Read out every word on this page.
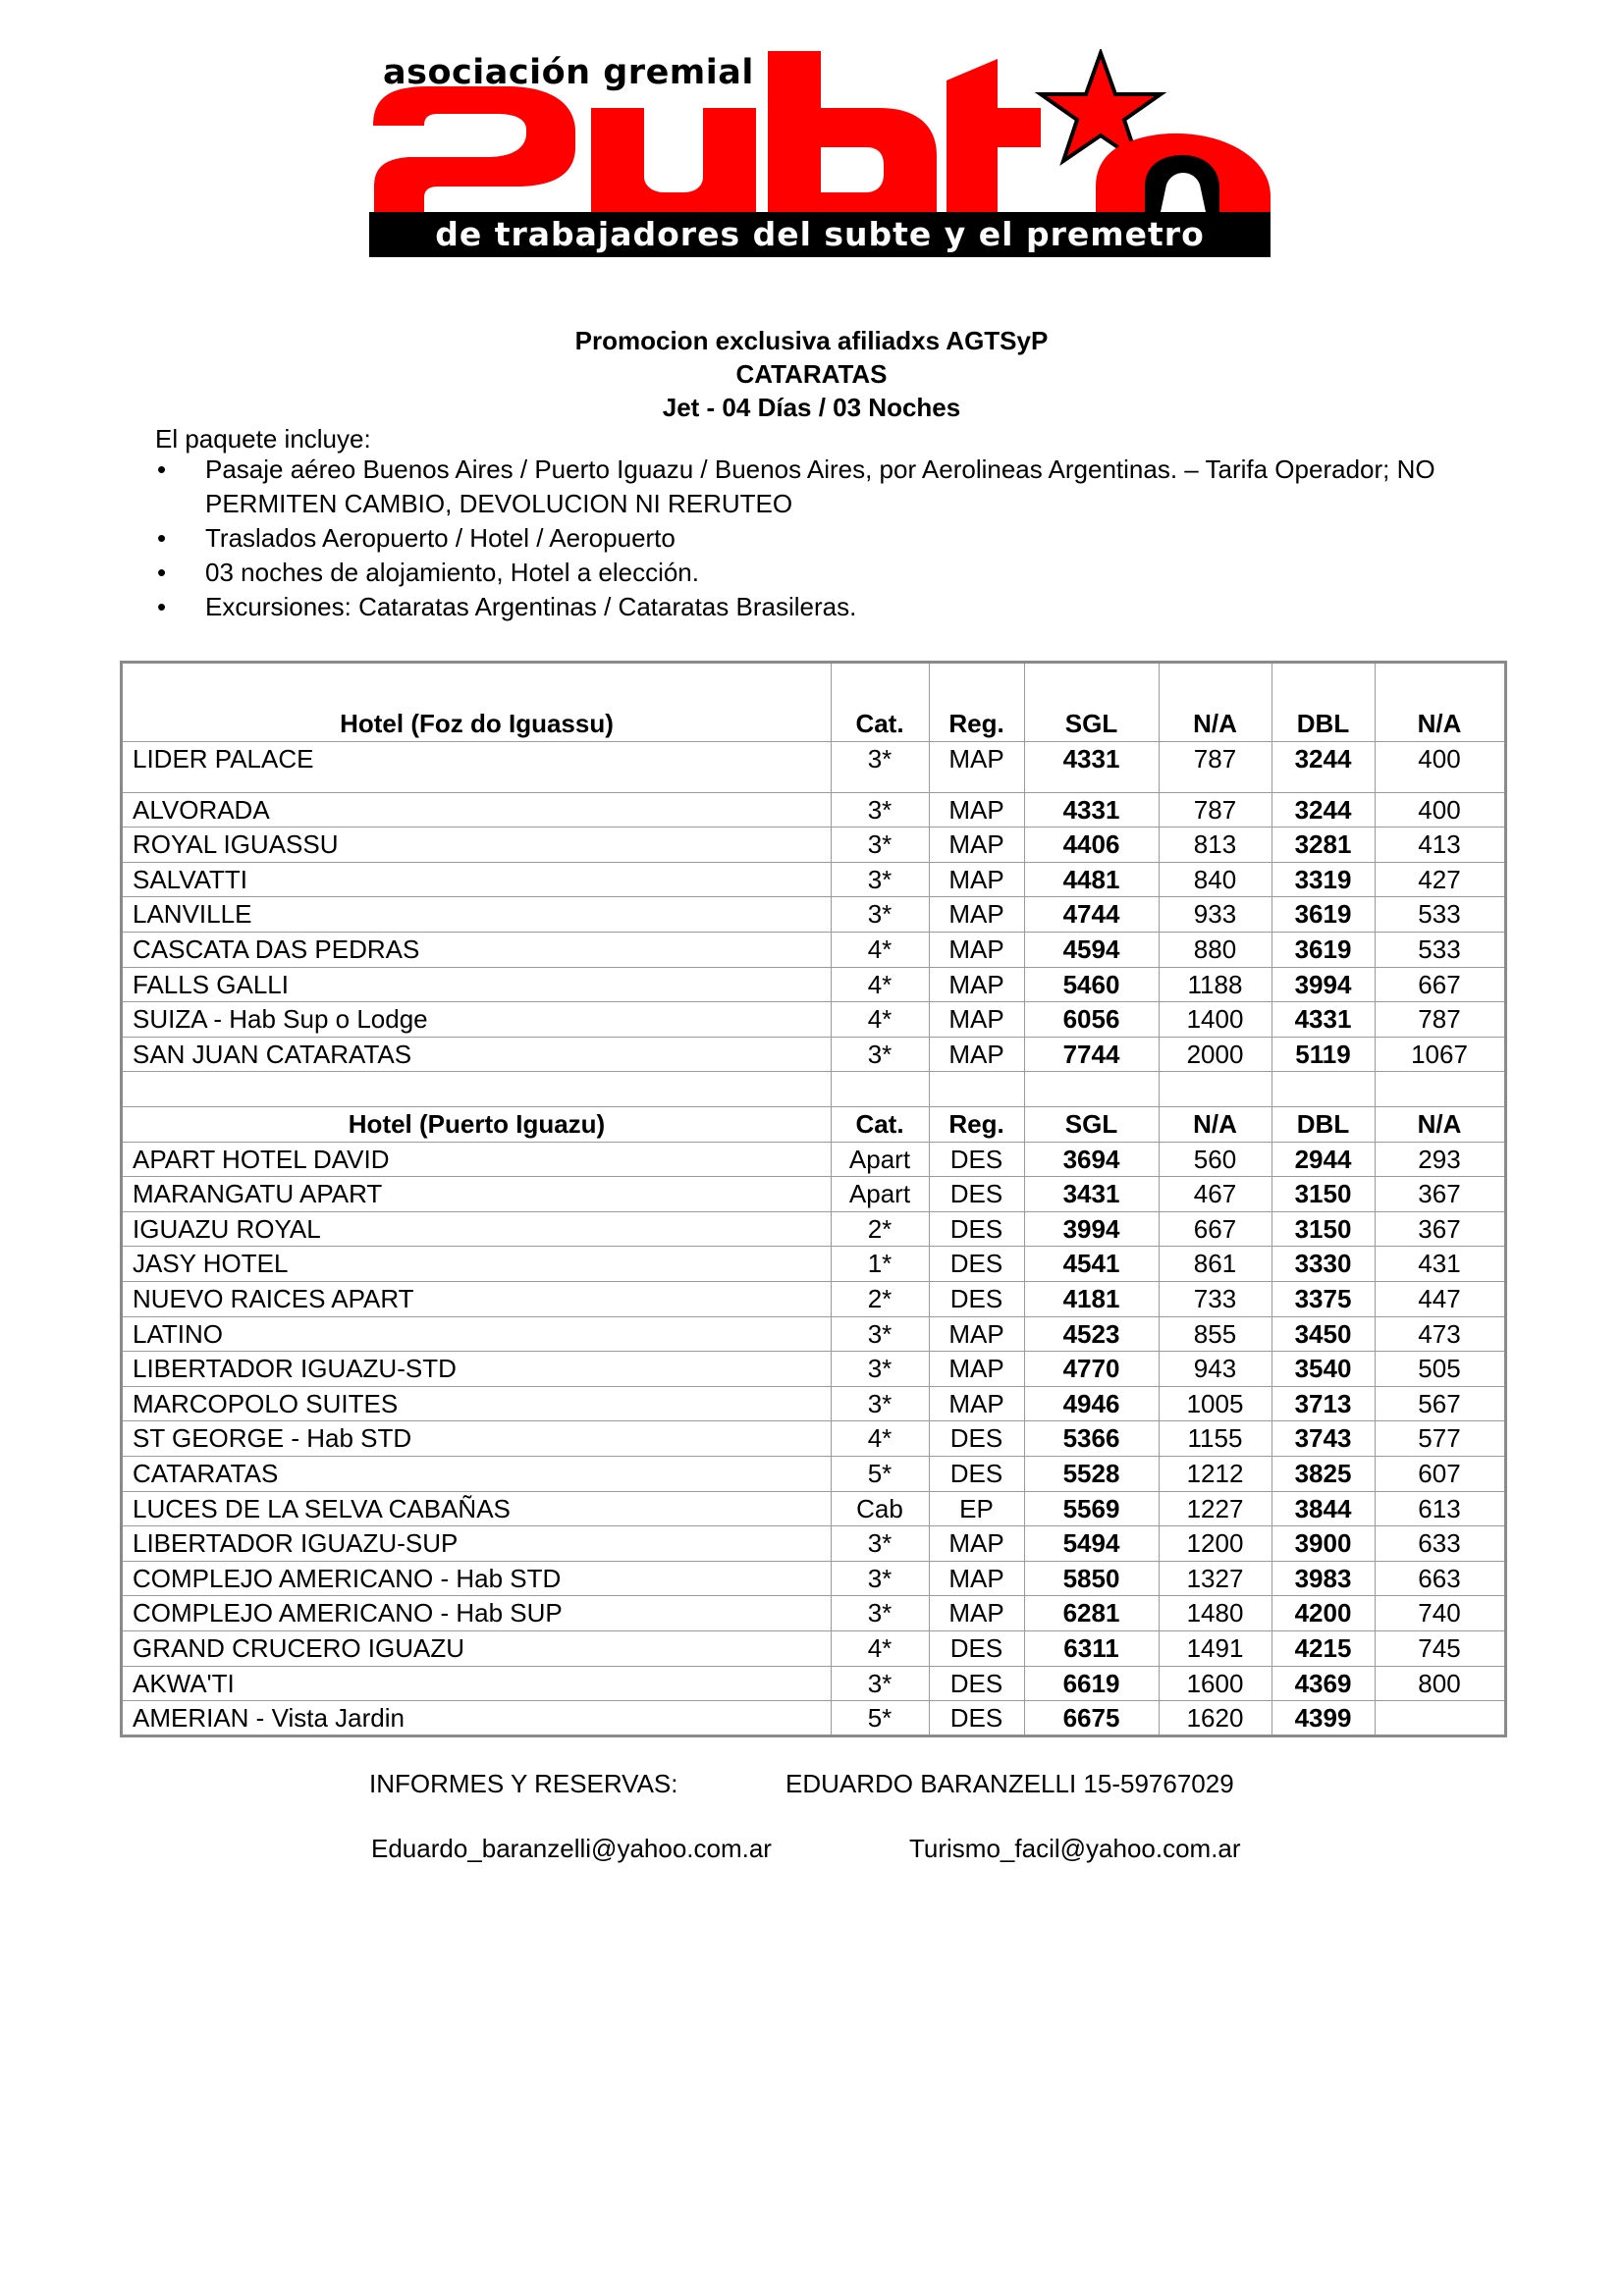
asociación gremial
de trabajadores del subte y el premetro
Promocion exclusiva afiliadxs AGTSyP
CATARATAS
Jet - 04 Días / 03 Noches
El paquete incluye:
• Pasaje aéreo Buenos Aires / Puerto Iguazu / Buenos Aires, por Aerolineas Argentinas. – Tarifa Operador; NO PERMITEN CAMBIO, DEVOLUCION NI RERUTEO
• Traslados Aeropuerto / Hotel / Aeropuerto
• 03 noches de alojamiento, Hotel a elección.
• Excursiones: Cataratas Argentinas / Cataratas Brasileras.
Hotel (Foz do Iguassu)	Cat.	Reg.	SGL	N/A	DBL	N/A
LIDER PALACE	3*	MAP	4331	787	3244	400
ALVORADA	3*	MAP	4331	787	3244	400
ROYAL IGUASSU	3*	MAP	4406	813	3281	413
SALVATTI	3*	MAP	4481	840	3319	427
LANVILLE	3*	MAP	4744	933	3619	533
CASCATA DAS PEDRAS	4*	MAP	4594	880	3619	533
FALLS GALLI	4*	MAP	5460	1188	3994	667
SUIZA - Hab Sup o Lodge	4*	MAP	6056	1400	4331	787
SAN JUAN CATARATAS	3*	MAP	7744	2000	5119	1067
Hotel (Puerto Iguazu)	Cat.	Reg.	SGL	N/A	DBL	N/A
APART HOTEL DAVID	Apart	DES	3694	560	2944	293
MARANGATU APART	Apart	DES	3431	467	3150	367
IGUAZU ROYAL	2*	DES	3994	667	3150	367
JASY HOTEL	1*	DES	4541	861	3330	431
NUEVO RAICES APART	2*	DES	4181	733	3375	447
LATINO	3*	MAP	4523	855	3450	473
LIBERTADOR IGUAZU-STD	3*	MAP	4770	943	3540	505
MARCOPOLO SUITES	3*	MAP	4946	1005	3713	567
ST GEORGE - Hab STD	4*	DES	5366	1155	3743	577
CATARATAS	5*	DES	5528	1212	3825	607
LUCES DE LA SELVA CABAÑAS	Cab	EP	5569	1227	3844	613
LIBERTADOR IGUAZU-SUP	3*	MAP	5494	1200	3900	633
COMPLEJO AMERICANO - Hab STD	3*	MAP	5850	1327	3983	663
COMPLEJO AMERICANO - Hab SUP	3*	MAP	6281	1480	4200	740
GRAND CRUCERO IGUAZU	4*	DES	6311	1491	4215	745
AKWA'TI	3*	DES	6619	1600	4369	800
AMERIAN - Vista Jardin	5*	DES	6675	1620	4399
INFORMES Y RESERVAS:	EDUARDO BARANZELLI 15-59767029
Eduardo_baranzelli@yahoo.com.ar	Turismo_facil@yahoo.com.ar
